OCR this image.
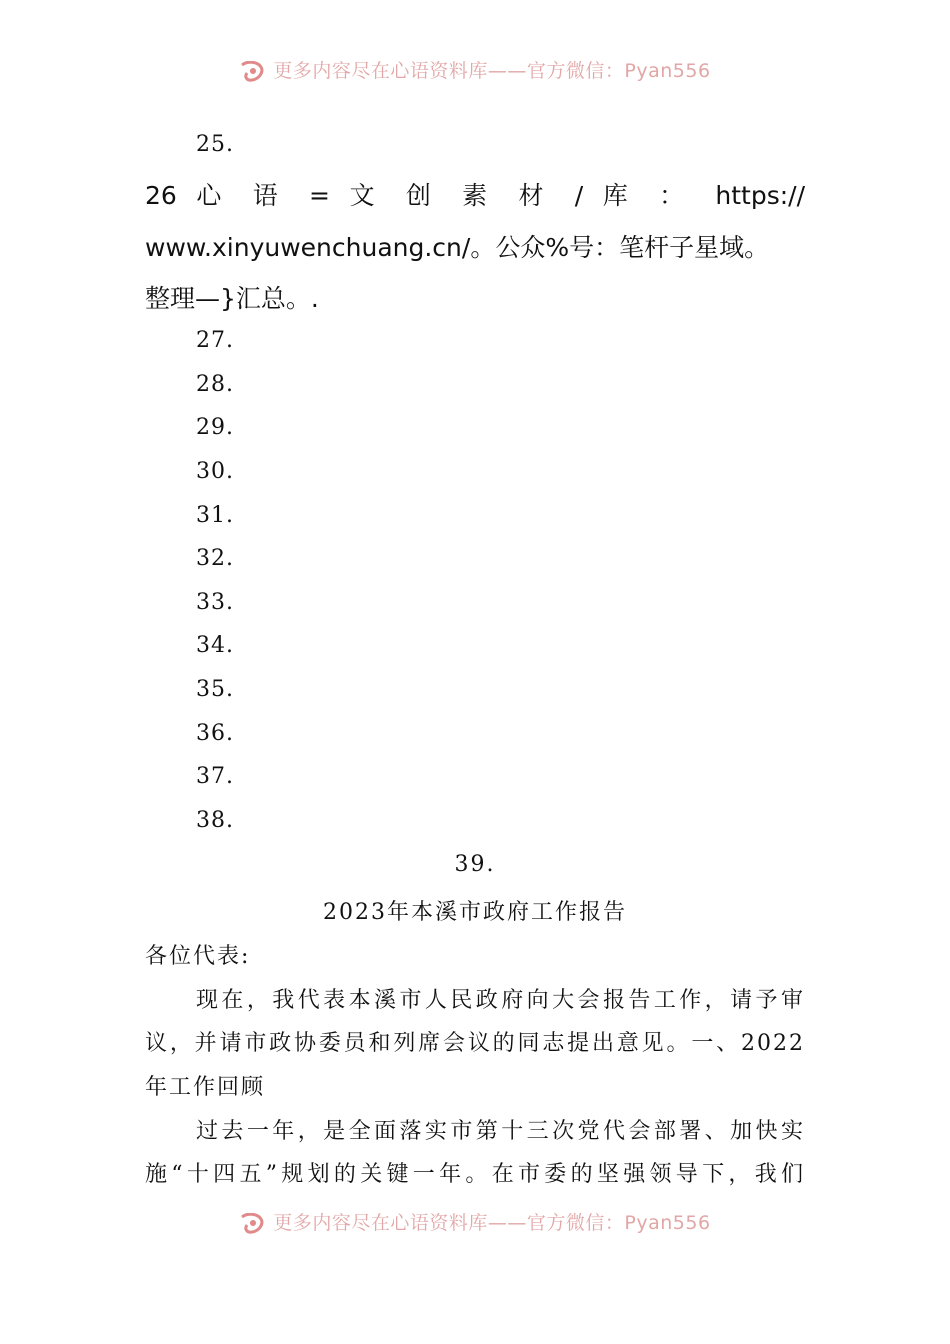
更多内容尽在心语资料库——官方微信：Pyan556
25.
26 心 语 = 文 创 素 材 / 库 ： https://
www.xinyuwenchuang.cn/。公众%号：笔杆子星域。
整理—}汇总。.
27.
28.
29.
30.
31.
32.
33.
34.
35.
36.
37.
38.
39.
2023年本溪市政府工作报告
各位代表:
现在，我代表本溪市人民政府向大会报告工作，请予审
议，并请市政协委员和列席会议的同志提出意见。一、2022
年工作回顾
过去一年，是全面落实市第十三次党代会部署、加快实
施“十四五”规划的关键一年。在市委的坚强领导下，我们
更多内容尽在心语资料库——官方微信：Pyan556
